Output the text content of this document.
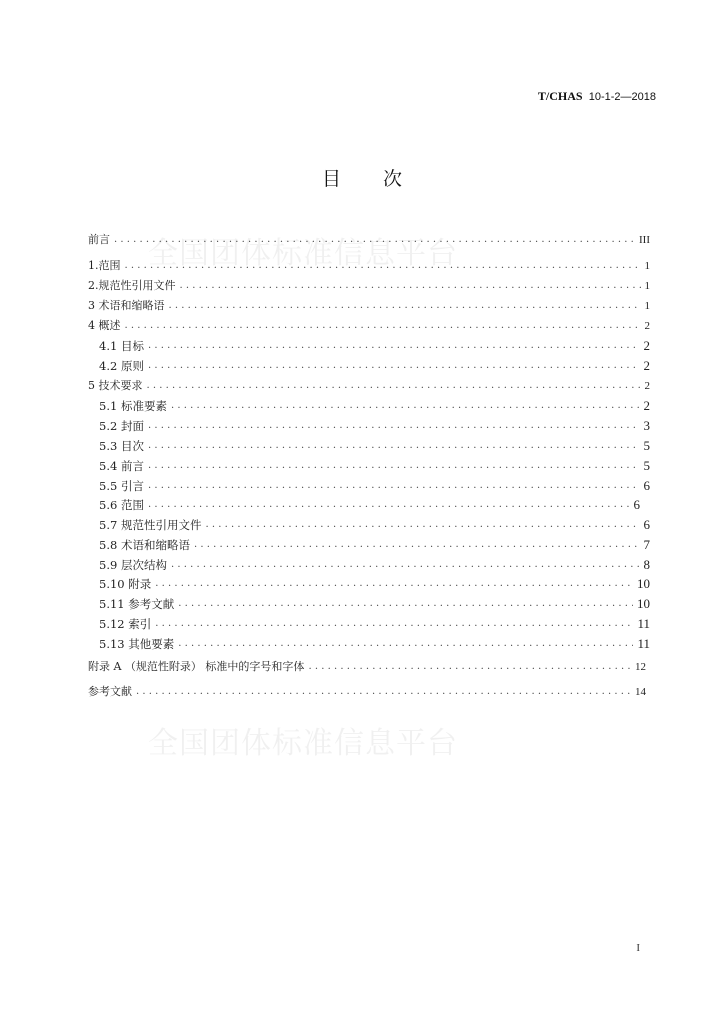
T/CHAS 10-1-2—2018
目次
全国团体标准信息平台
全国团体标准信息平台
前言 .....	III
1.范围 .....	1
2.规范性引用文件 .....	1
3 术语和缩略语 .....	1
4 概述 .....	2
4.1 目标 .....	2
4.2 原则 .....	2
5 技术要求 .....	2
5.1 标准要素 .....	2
5.2 封面 .....	3
5.3 目次 .....	5
5.4 前言 .....	5
5.5 引言 .....	6
5.6 范围 .....	6
5.7 规范性引用文件 .....	6
5.8 术语和缩略语 .....	7
5.9 层次结构 .....	8
5.10 附录 .....	10
5.11 参考文献 .....	10
5.12 索引 .....	11
5.13 其他要素 .....	11
附录 A （规范性附录） 标准中的字号和字体 .....	12
参考文献 .....	14
I
